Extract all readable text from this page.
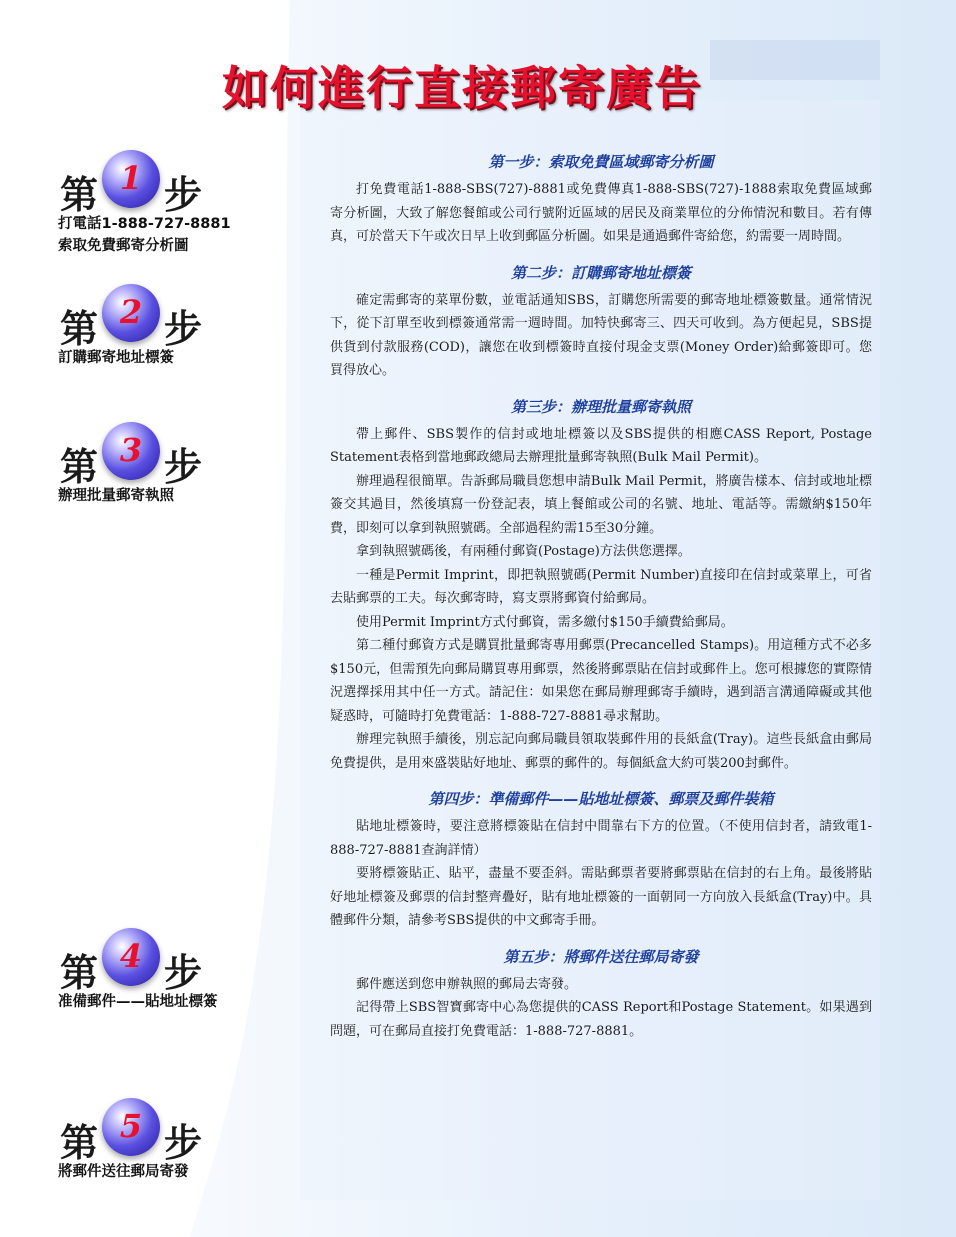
如何進行直接郵寄廣告
第 1 步
打電話1-888-727-8881
索取免費郵寄分析圖
第 2 步
訂購郵寄地址標簽
第 3 步
辦理批量郵寄執照
第 4 步
准備郵件——貼地址標簽
第 5 步
將郵件送往郵局寄發
第一步：索取免費區域郵寄分析圖

打免費電話1-888-SBS(727)-8881或免費傳真1-888-SBS(727)-1888索取免費區域郵寄分析圖，大致了解您餐館或公司行號附近區域的居民及商業單位的分佈情況和數目。若有傳真，可於當天下午或次日早上收到郵區分析圖。如果是通過郵件寄給您，約需要一周時間。

第二步：訂購郵寄地址標簽

確定需郵寄的菜單份數，並電話通知SBS，訂購您所需要的郵寄地址標簽數量。通常情況下，從下訂單至收到標簽通常需一週時間。加特快郵寄三、四天可收到。為方便起見，SBS提供貨到付款服務(COD)，讓您在收到標簽時直接付現金支票(Money Order)給郵簽即可。您買得放心。

第三步：辦理批量郵寄執照

帶上郵件、SBS製作的信封或地址標簽以及SBS提供的相應CASS Report, Postage Statement表格到當地郵政總局去辦理批量郵寄執照(Bulk Mail Permit)。

辦理過程很簡單。告訴郵局職員您想申請Bulk Mail Permit，將廣告樣本、信封或地址標簽交其過目，然後填寫一份登記表，填上餐館或公司的名號、地址、電話等。需繳納$150年費，即刻可以拿到執照號碼。全部過程約需15至30分鐘。

拿到執照號碼後，有兩種付郵資(Postage)方法供您選擇。

一種是Permit Imprint，即把執照號碼(Permit Number)直接印在信封或菜單上，可省去貼郵票的工夫。每次郵寄時，寫支票將郵資付給郵局。

使用Permit Imprint方式付郵資，需多繳付$150手續費給郵局。

第二種付郵資方式是購買批量郵寄專用郵票(Precancelled Stamps)。用這種方式不必多$150元，但需預先向郵局購買專用郵票，然後將郵票貼在信封或郵件上。您可根據您的實際情況選擇採用其中任一方式。請記住：如果您在郵局辦理郵寄手續時，遇到語言溝通障礙或其他疑惑時，可隨時打免費電話：1-888-727-8881尋求幫助。

辦理完執照手續後，別忘記向郵局職員領取裝郵件用的長紙盒(Tray)。這些長紙盒由郵局免費提供，是用來盛裝貼好地址、郵票的郵件的。每個紙盒大約可裝200封郵件。

第四步：準備郵件——貼地址標簽、郵票及郵件裝箱

貼地址標簽時，要注意將標簽貼在信封中間靠右下方的位置。（不使用信封者，請致電1-888-727-8881查詢詳情）

要將標簽貼正、貼平，盡量不要歪斜。需貼郵票者要將郵票貼在信封的右上角。最後將貼好地址標簽及郵票的信封整齊疊好，貼有地址標簽的一面朝同一方向放入長紙盒(Tray)中。具體郵件分類，請參考SBS提供的中文郵寄手冊。

第五步：將郵件送往郵局寄發

郵件應送到您申辦執照的郵局去寄發。

記得帶上SBS智寶郵寄中心為您提供的CASS Report和Postage Statement。如果遇到問題，可在郵局直接打免費電話：1-888-727-8881。
